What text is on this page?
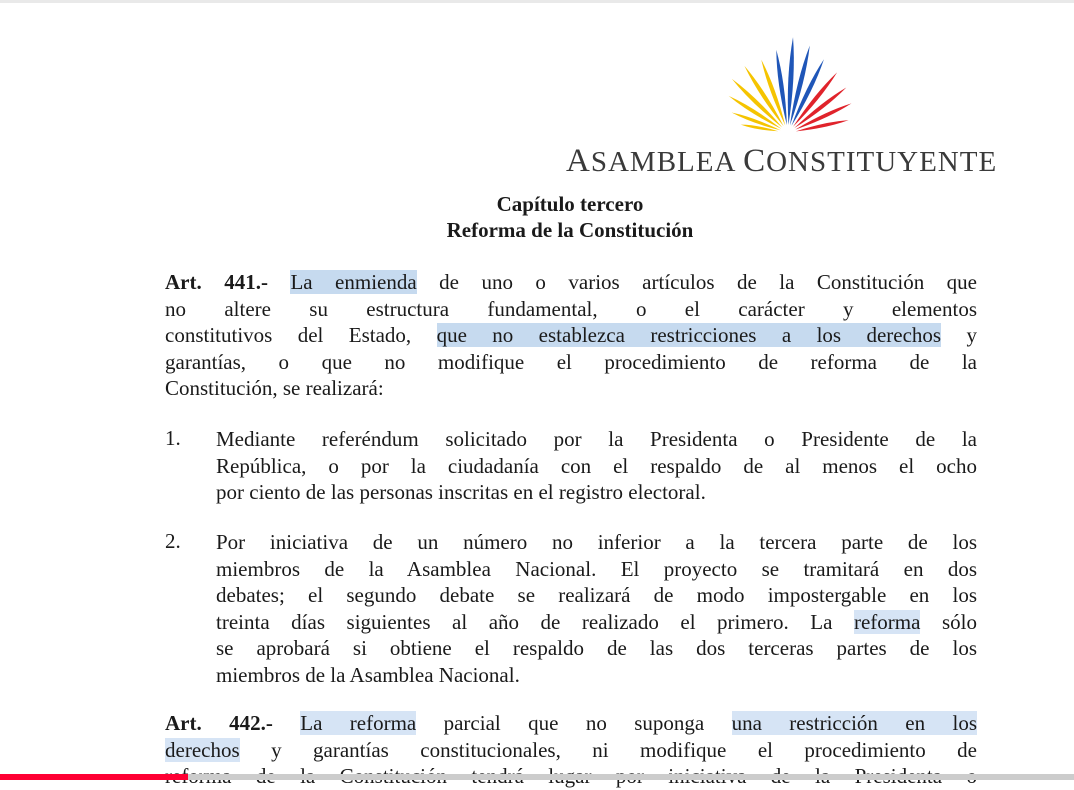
ASAMBLEA CONSTITUYENTE
Capítulo tercero
Reforma de la Constitución
Art. 441.- La enmienda de uno o varios artículos de la Constitución que
no altere su estructura fundamental, o el carácter y elementos
constitutivos del Estado, que no establezca restricciones a los derechos y
garantías, o que no modifique el procedimiento de reforma de la
Constitución, se realizará:
1. Mediante referéndum solicitado por la Presidenta o Presidente de la
República, o por la ciudadanía con el respaldo de al menos el ocho
por ciento de las personas inscritas en el registro electoral.
2. Por iniciativa de un número no inferior a la tercera parte de los
miembros de la Asamblea Nacional. El proyecto se tramitará en dos
debates; el segundo debate se realizará de modo impostergable en los
treinta días siguientes al año de realizado el primero. La reforma sólo
se aprobará si obtiene el respaldo de las dos terceras partes de los
miembros de la Asamblea Nacional.
Art. 442.- La reforma parcial que no suponga una restricción en los
derechos y garantías constitucionales, ni modifique el procedimiento de
